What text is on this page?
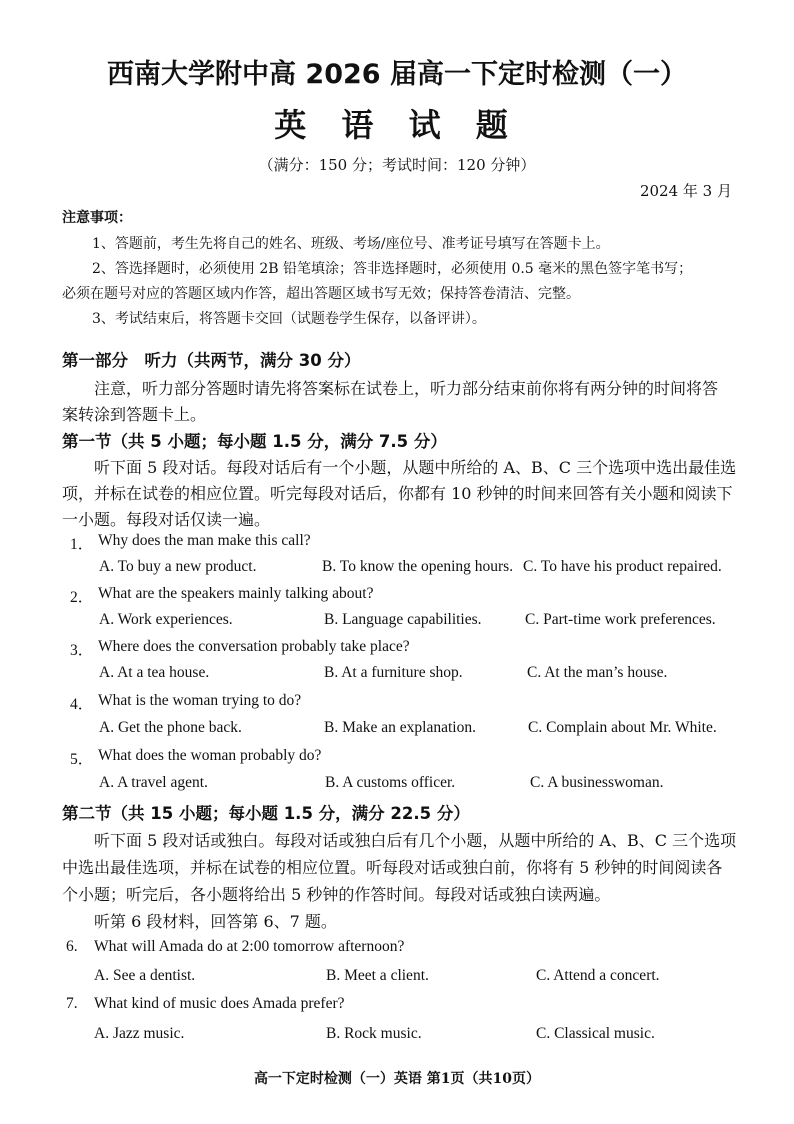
西南大学附中高 2026 届高一下定时检测（一）
英 语 试 题
（满分：150 分；考试时间：120 分钟）
2024 年 3 月
注意事项：
1、答题前，考生先将自己的姓名、班级、考场/座位号、准考证号填写在答题卡上。
2、答选择题时，必须使用 2B 铅笔填涂；答非选择题时，必须使用 0.5 毫米的黑色签字笔书写；
必须在题号对应的答题区域内作答，超出答题区域书写无效；保持答卷清洁、完整。
3、考试结束后，将答题卡交回（试题卷学生保存，以备评讲）。
第一部分　听力（共两节，满分 30 分）
注意，听力部分答题时请先将答案标在试卷上，听力部分结束前你将有两分钟的时间将答
案转涂到答题卡上。
第一节（共 5 小题；每小题 1.5 分，满分 7.5 分）
听下面 5 段对话。每段对话后有一个小题，从题中所给的 A、B、C 三个选项中选出最佳选
项，并标在试卷的相应位置。听完每段对话后，你都有 10 秒钟的时间来回答有关小题和阅读下
一小题。每段对话仅读一遍。
1． Why does the man make this call?
A. To buy a new product.	B. To know the opening hours. C. To have his product repaired.
2． What are the speakers mainly talking about?
A. Work experiences.	B. Language capabilities.	C. Part-time work preferences.
3． Where does the conversation probably take place?
A. At a tea house.	B. At a furniture shop.	C. At the man’s house.
4． What is the woman trying to do?
A. Get the phone back.	B. Make an explanation.	C. Complain about Mr. White.
5． What does the woman probably do?
A. A travel agent.	B. A customs officer.	C. A businesswoman.
第二节（共 15 小题；每小题 1.5 分，满分 22.5 分）
听下面 5 段对话或独白。每段对话或独白后有几个小题，从题中所给的 A、B、C 三个选项
中选出最佳选项，并标在试卷的相应位置。听每段对话或独白前，你将有 5 秒钟的时间阅读各
个小题；听完后，各小题将给出 5 秒钟的作答时间。每段对话或独白读两遍。
听第 6 段材料，回答第 6、7 题。
6. What will Amada do at 2:00 tomorrow afternoon?
A. See a dentist.	B. Meet a client.	C. Attend a concert.
7. What kind of music does Amada prefer?
A. Jazz music.	B. Rock music.	C. Classical music.
高一下定时检测（一）英语 第1页（共10页）
